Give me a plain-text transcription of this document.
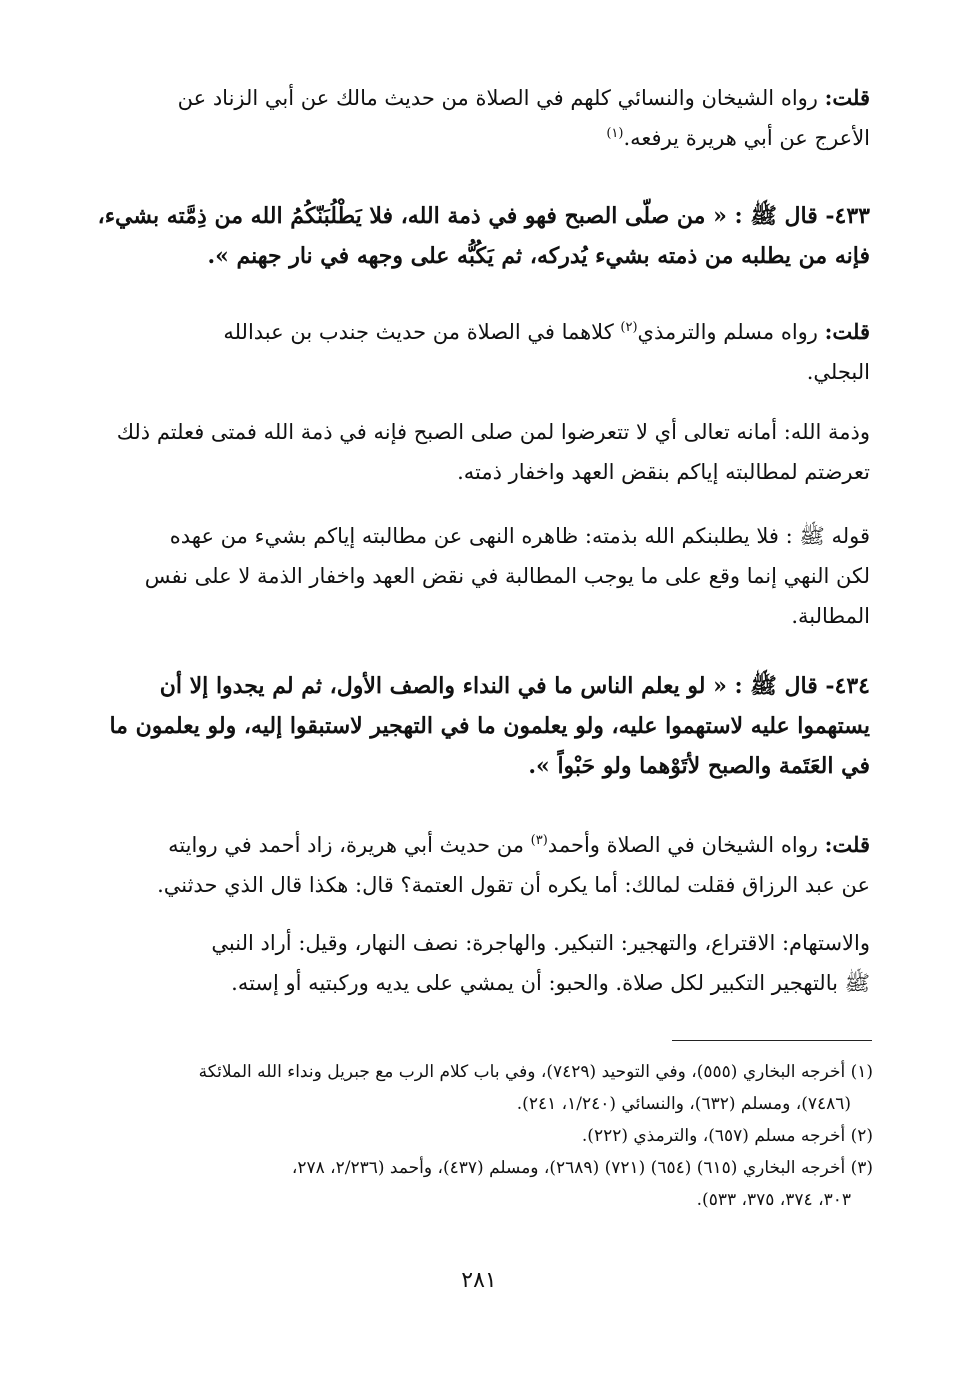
قلت: رواه الشيخان والنسائي كلهم في الصلاة من حديث مالك عن أبي الزناد عن
الأعرج عن أبي هريرة يرفعه.$^{(١)}$
٤٣٣- قال ﷺ : « من صلّى الصبح فهو في ذمة الله، فلا يَطْلُبَنّكُمُ الله من ذِمَّته بشيء،
فإنه من يطلبه من ذمته بشيء يُدركه، ثم يَكُبُّه على وجهه في نار جهنم ».
قلت: رواه مسلم والترمذي$^{(٢)}$ كلاهما في الصلاة من حديث جندب بن عبدالله
البجلي.
وذمة الله: أمانه تعالى أي لا تتعرضوا لمن صلى الصبح فإنه في ذمة الله فمتى فعلتم ذلك
تعرضتم لمطالبته إياكم بنقض العهد واخفار ذمته.
قوله ﷺ : فلا يطلبنكم الله بذمته: ظاهره النهى عن مطالبته إياكم بشيء من عهده
لكن النهي إنما وقع على ما يوجب المطالبة في نقض العهد واخفار الذمة لا على نفس
المطالبة.
٤٣٤- قال ﷺ : « لو يعلم الناس ما في النداء والصف الأول، ثم لم يجدوا إلا أن
يستهموا عليه لاستهموا عليه، ولو يعلمون ما في التهجير لاستبقوا إليه، ولو يعلمون ما
في العَتَمة والصبح لأتَوْهما ولو حَبْواً ».
قلت: رواه الشيخان في الصلاة وأحمد$^{(٣)}$ من حديث أبي هريرة، زاد أحمد في روايته
عن عبد الرزاق فقلت لمالك: أما يكره أن تقول العتمة؟ قال: هكذا قال الذي حدثني.
والاستهام: الاقتراع، والتهجير: التبكير. والهاجرة: نصف النهار، وقيل: أراد النبي
ﷺ بالتهجير التكبير لكل صلاة. والحبو: أن يمشي على يديه وركبتيه أو إسته.
(١) أخرجه البخاري (٥٥٥)، وفي التوحيد (٧٤٢٩)، وفي باب كلام الرب مع جبريل ونداء الله الملائكة
(٧٤٨٦)، ومسلم (٦٣٢)، والنسائي (١/٢٤٠، ٢٤١).
(٢) أخرجه مسلم (٦٥٧)، والترمذي (٢٢٢).
(٣) أخرجه البخاري (٦١٥) (٦٥٤) (٧٢١) (٢٦٨٩)، ومسلم (٤٣٧)، وأحمد (٢/٢٣٦، ٢٧٨،
٣٠٣، ٣٧٤، ٣٧٥، ٥٣٣).
٢٨١
